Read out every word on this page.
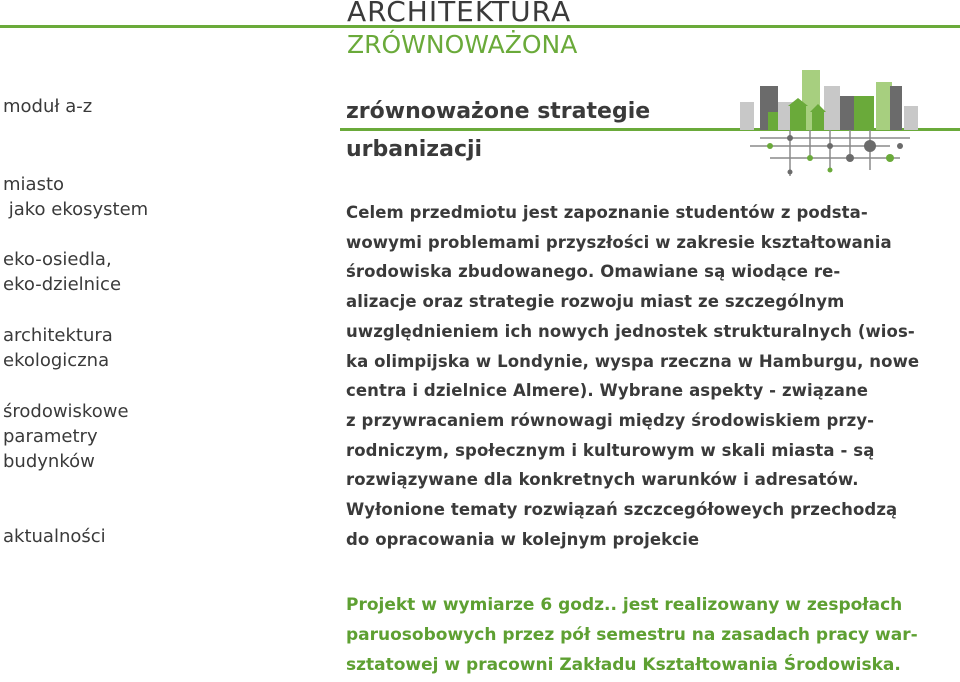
ARCHITEKTURA
ZRÓWNOWAŻONA
moduł a-z
miasto
jako ekosystem
eko-osiedla,
eko-dzielnice
architektura
ekologiczna
środowiskowe
parametry
budynków
aktualności
zrównoważone strategie
urbanizacji
Celem przedmiotu jest zapoznanie studentów z podsta-
wowymi problemami przyszłości w zakresie kształtowania
środowiska zbudowanego. Omawiane są wiodące re-
alizacje oraz strategie rozwoju miast ze szczególnym
uwzględnieniem ich nowych jednostek strukturalnych (wios-
ka olimpijska w Londynie, wyspa rzeczna w Hamburgu, nowe
centra i dzielnice Almere). Wybrane aspekty - związane
z przywracaniem równowagi między środowiskiem przy-
rodniczym, społecznym i kulturowym w skali miasta - są
rozwiązywane dla konkretnych warunków i adresatów.
Wyłonione tematy rozwiązań szczcegółoweych przechodzą
do opracowania w kolejnym projekcie
Projekt w wymiarze 6 godz.. jest realizowany w zespołach
paruosobowych przez pół semestru na zasadach pracy war-
sztatowej w pracowni Zakładu Kształtowania Środowiska.
